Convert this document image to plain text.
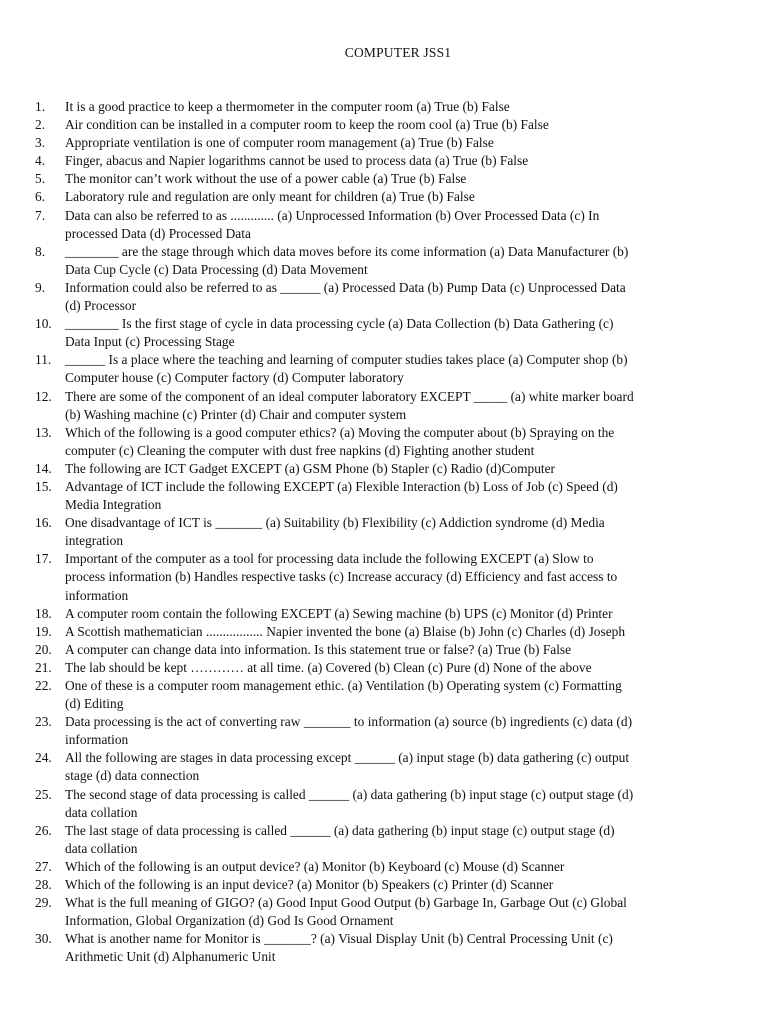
COMPUTER JSS1
1.	It is a good practice to keep a thermometer in the computer room (a) True (b) False
2.	Air condition can be installed in a computer room to keep the room cool (a) True (b) False
3.	Appropriate ventilation is one of computer room management (a) True (b) False
4.	Finger, abacus and Napier logarithms cannot be used to process data (a) True (b) False
5.	The monitor can’t work without the use of a power cable (a) True (b) False
6.	Laboratory rule and regulation are only meant for children (a) True (b) False
7.	Data can also be referred to as ............. (a) Unprocessed Information (b) Over Processed Data (c) In
processed Data (d) Processed Data
8.	________ are the stage through which data moves before its come information (a) Data Manufacturer (b)
Data Cup Cycle (c) Data Processing (d) Data Movement
9.	Information could also be referred to as ______ (a) Processed Data (b) Pump Data (c) Unprocessed Data
(d) Processor
10. ________ Is the first stage of cycle in data processing cycle (a) Data Collection (b) Data Gathering (c)
Data Input (c) Processing Stage
11.	______ Is a place where the teaching and learning of computer studies takes place (a) Computer shop (b)
Computer house (c) Computer factory (d) Computer laboratory
12. There are some of the component of an ideal computer laboratory EXCEPT _____ (a) white marker board
(b) Washing machine (c) Printer (d) Chair and computer system
13. Which of the following is a good computer ethics? (a) Moving the computer about (b) Spraying on the
computer (c) Cleaning the computer with dust free napkins (d) Fighting another student
14. The following are ICT Gadget EXCEPT (a) GSM Phone (b) Stapler (c) Radio (d)Computer
15. Advantage of ICT include the following EXCEPT (a) Flexible Interaction (b) Loss of Job (c) Speed (d)
Media Integration
16. One disadvantage of ICT is _______ (a) Suitability (b) Flexibility (c) Addiction syndrome (d) Media
integration
17. Important of the computer as a tool for processing data include the following EXCEPT (a) Slow to
process information (b) Handles respective tasks (c) Increase accuracy (d) Efficiency and fast access to
information
18. A computer room contain the following EXCEPT (a) Sewing machine (b) UPS (c) Monitor (d) Printer
19. A Scottish mathematician ................. Napier invented the bone (a) Blaise (b) John (c) Charles (d) Joseph
20. A computer can change data into information. Is this statement true or false? (a) True (b) False
21. The lab should be kept ………… at all time. (a) Covered (b) Clean (c) Pure (d) None of the above
22. One of these is a computer room management ethic. (a) Ventilation (b) Operating system (c) Formatting
(d) Editing
23. Data processing is the act of converting raw _______ to information (a) source (b) ingredients (c) data (d)
information
24. All the following are stages in data processing except ______ (a) input stage (b) data gathering (c) output
stage (d) data connection
25. The second stage of data processing is called ______ (a) data gathering (b) input stage (c) output stage (d)
data collation
26. The last stage of data processing is called ______ (a) data gathering (b) input stage (c) output stage (d)
data collation
27. Which of the following is an output device? (a) Monitor (b) Keyboard (c) Mouse (d) Scanner
28. Which of the following is an input device? (a) Monitor (b) Speakers (c) Printer (d) Scanner
29. What is the full meaning of GIGO? (a) Good Input Good Output (b) Garbage In, Garbage Out (c) Global
Information, Global Organization (d) God Is Good Ornament
30. What is another name for Monitor is _______? (a) Visual Display Unit (b) Central Processing Unit (c)
Arithmetic Unit (d) Alphanumeric Unit
